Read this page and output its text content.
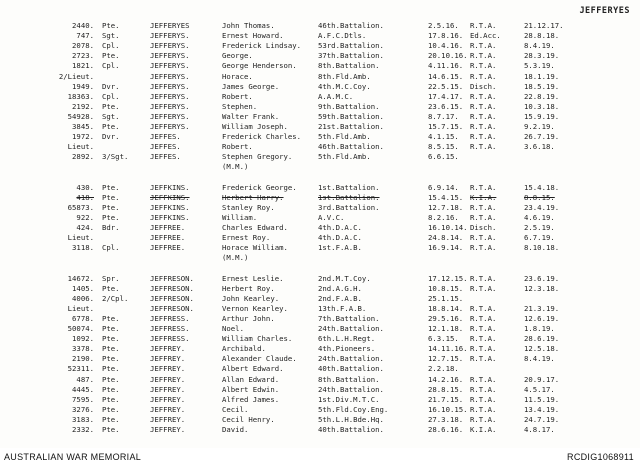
JEFFERYES
2440. Pte.	JEFFERYES	John Thomas.	46th.Battalion.	2.5.16.	R.T.A.	21.12.17.
747. Sgt.	JEFFERYS.	Ernest Howard.	A.F.C.Dtls.	17.8.16. Ed.Acc.	28.8.18.
2078. Cpl.	JEFFERYS.	Frederick Lindsay.	53rd.Battalion.	10.4.16. R.T.A.	8.4.19.
2723. Pte.	JEFFERYS.	George.	37th.Battalion.	20.10.16. R.T.A.	28.3.19.
1821. Cpl.	JEFFERYS.	George Henderson.	8th.Battalion.	4.11.16. R.T.A.	5.3.19.
2/Lieut.	JEFFERYS.	Horace.	8th.Fld.Amb.	14.6.15. R.T.A.	18.1.19.
1949. Dvr.	JEFFERYS.	James George.	4th.M.C.Coy.	22.5.15. Disch.	18.5.19.
18363. Cpl.	JEFFERYS.	Robert.	A.A.M.C.	17.4.17. R.T.A.	22.8.19.
2192. Pte.	JEFFERYS.	Stephen.	9th.Battalion.	23.6.15. R.T.A.	10.3.18.
54928. Sgt.	JEFFERYS.	Walter Frank.	59th.Battalion.	8.7.17.	R.T.A.	15.9.19.
3845. Pte.	JEFFERYS.	William Joseph.	21st.Battalion.	15.7.15. R.T.A.	9.2.19.
1972. Dvr.	JEFFES.	Frederick Charles.	5th.Fld.Amb.	4.1.15.	R.T.A.	26.7.19.
Lieut.	JEFFES.	Robert.	46th.Battalion.	8.5.15.	R.T.A.	3.6.18.
2892. 3/Sgt.	JEFFES.	Stephen Gregory.	5th.Fld.Amb.	6.6.15.
(M.M.)
430. Pte.	JEFFKINS.	Frederick George.	1st.Battalion.	6.9.14.	R.T.A.	15.4.18.
418. Pte.	JEFFKINS.	Herbert Harry.	1st.Battalion.	15.4.15. K.I.A.	8.8.15.
65873. Pte.	JEFFKINS.	Stanley Roy.	3rd.Battalion.	12.7.18. R.T.A.	23.4.19.
922. Pte.	JEFFKINS.	William.	A.V.C.	8.2.16.	R.T.A.	4.6.19.
424. Bdr.	JEFFREE.	Charles Edward.	4th.D.A.C.	16.10.14. Disch.	2.5.19.
Lieut.	JEFFREE.	Ernest Roy.	4th.D.A.C.	24.8.14. R.T.A.	6.7.19.
3118. Cpl.	JEFFREE.	Horace William.	1st.F.A.B.	16.9.14. R.T.A.	8.10.18.
(M.M.)
14672. Spr.	JEFFRESON.	Ernest Leslie.	2nd.M.T.Coy.	17.12.15. R.T.A.	23.6.19.
1405. Pte.	JEFFRESON.	Herbert Roy.	2nd.A.G.H.	10.8.15. R.T.A.	12.3.18.
4006. 2/Cpl.	JEFFRESON.	John Kearley.	2nd.F.A.B.	25.1.15.
Lieut.	JEFFRESON.	Vernon Kearley.	13th.F.A.B.	18.8.14. R.T.A.	21.3.19.
6778. Pte.	JEFFRESS.	Arthur John.	7th.Battalion.	29.5.16. R.T.A.	12.6.19.
50074. Pte.	JEFFRESS.	Noel.	24th.Battalion.	12.1.18. R.T.A.	1.8.19.
1092. Pte.	JEFFRESS.	William Charles.	6th.L.H.Regt.	6.3.15.	R.T.A.	28.6.19.
3378. Pte.	JEFFREY.	Archibald.	4th.Pioneers.	14.11.16. R.T.A.	12.5.18.
2190. Pte.	JEFFREY.	Alexander Claude.	24th.Battalion.	12.7.15. R.T.A.	8.4.19.
52311. Pte.	JEFFREY.	Albert Edward.	40th.Battalion.	2.2.18.
487. Pte.	JEFFREY.	Allan Edward.	8th.Battalion.	14.2.16. R.T.A.	20.9.17.
4445. Pte.	JEFFREY.	Albert Edwin.	24th.Battalion.	28.8.15. R.T.A.	4.5.17.
7595. Pte.	JEFFREY.	Alfred James.	1st.Div.M.T.C.	21.7.15. R.T.A.	11.5.19.
3276. Pte.	JEFFREY.	Cecil.	5th.Fld.Coy.Eng.	16.10.15. R.T.A.	13.4.19.
3183. Pte.	JEFFREY.	Cecil Henry.	5th.L.H.Bde.Hq.	27.3.18. R.T.A.	24.7.19.
2332. Pte.	JEFFREY.	David.	40th.Battalion.	28.6.16. K.I.A.	4.8.17.
AUSTRALIAN WAR MEMORIAL	RCDIG1068911
